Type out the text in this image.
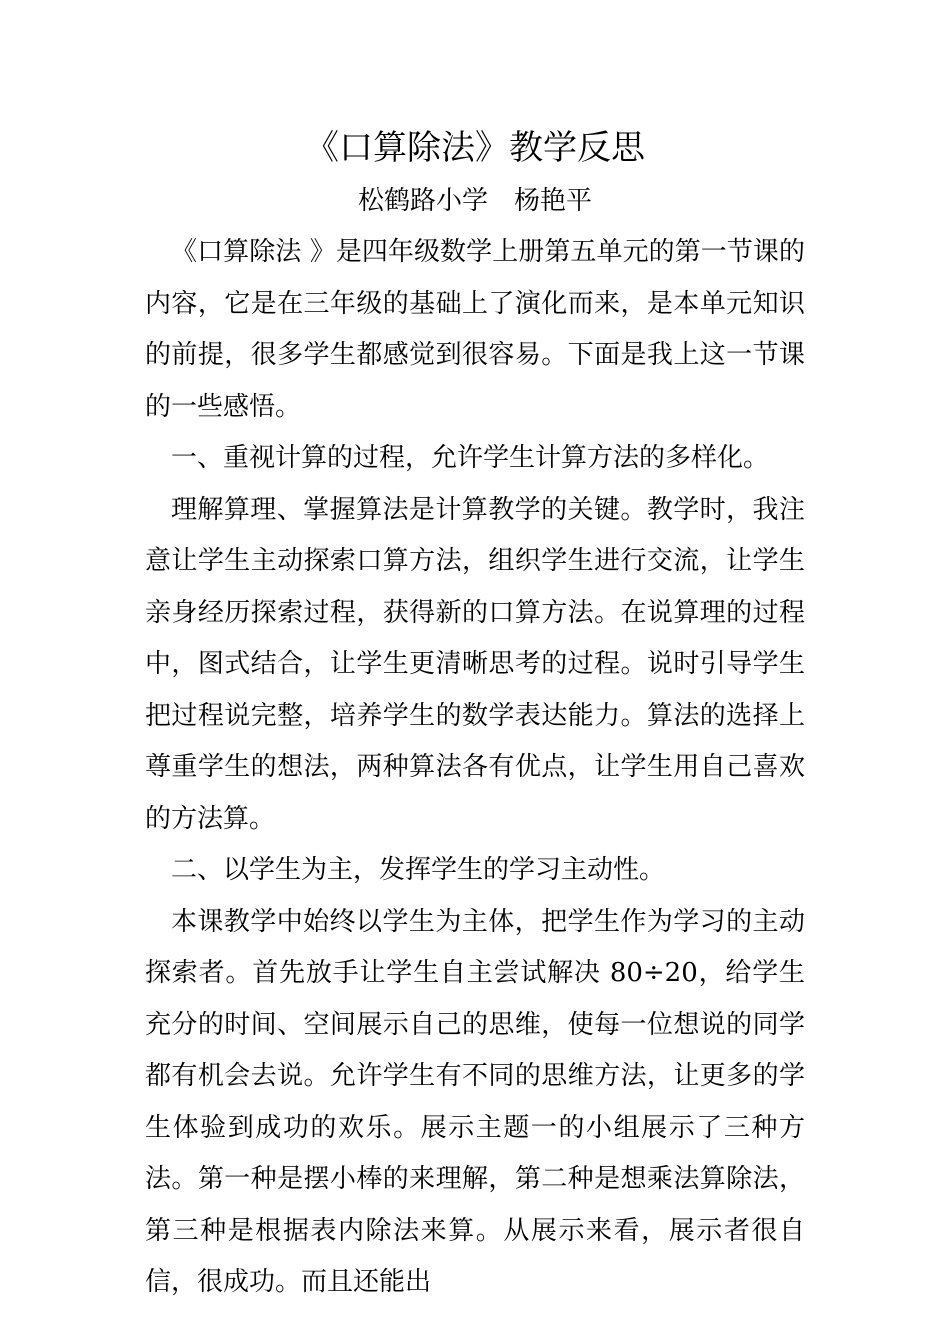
《口算除法》教学反思
松鹤路小学　杨艳平

《口算除法 》是四年级数学上册第五单元的第一节课的内容，它是在三年级的基础上了演化而来，是本单元知识的前提，很多学生都感觉到很容易。下面是我上这一节课的一些感悟。

一、重视计算的过程，允许学生计算方法的多样化。

理解算理、掌握算法是计算教学的关键。教学时，我注意让学生主动探索口算方法，组织学生进行交流，让学生亲身经历探索过程，获得新的口算方法。在说算理的过程中，图式结合，让学生更清晰思考的过程。说时引导学生把过程说完整，培养学生的数学表达能力。算法的选择上尊重学生的想法，两种算法各有优点，让学生用自己喜欢的方法算。

二、以学生为主，发挥学生的学习主动性。

本课教学中始终以学生为主体，把学生作为学习的主动探索者。首先放手让学生自主尝试解决 80÷20，给学生充分的时间、空间展示自己的思维，使每一位想说的同学都有机会去说。允许学生有不同的思维方法，让更多的学生体验到成功的欢乐。展示主题一的小组展示了三种方法。第一种是摆小棒的来理解，第二种是想乘法算除法，第三种是根据表内除法来算。从展示来看，展示者很自信，很成功。而且还能出
